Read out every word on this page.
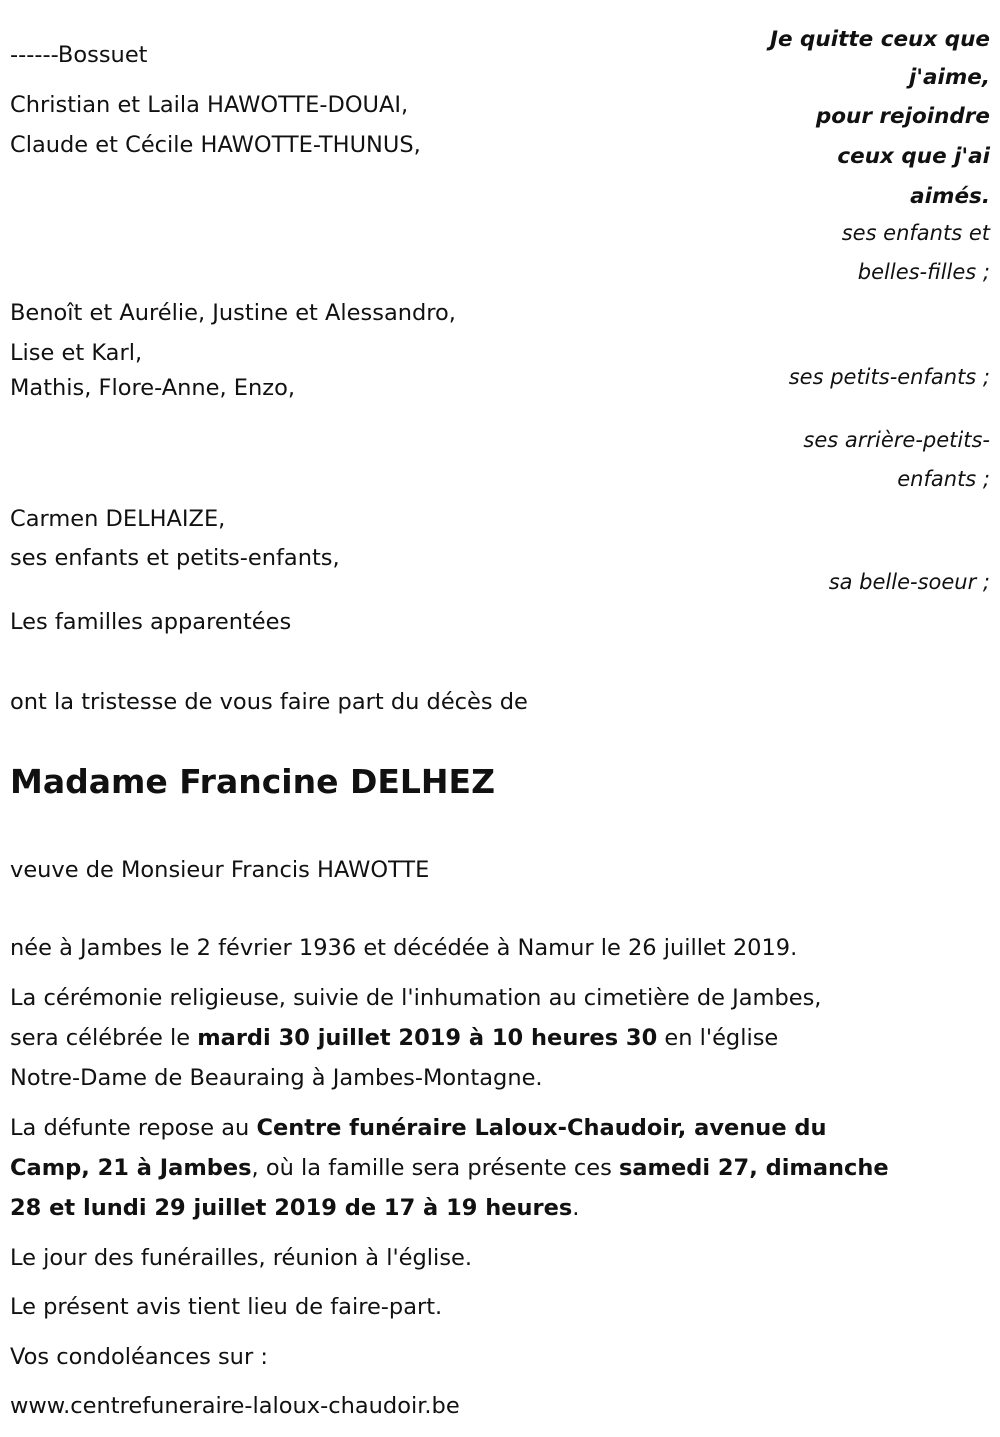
------Bossuet
Je quitte ceux que
j'aime,
pour rejoindre
ceux que j'ai
aimés.
Christian et Laila HAWOTTE-DOUAI,
Claude et Cécile HAWOTTE-THUNUS,
ses enfants et
belles-filles ;
Benoît et Aurélie, Justine et Alessandro,
Lise et Karl,
ses petits-enfants ;
Mathis, Flore-Anne, Enzo,
ses arrière-petits-
enfants ;
Carmen DELHAIZE,
ses enfants et petits-enfants,
sa belle-soeur ;
Les familles apparentées
ont la tristesse de vous faire part du décès de
Madame Francine DELHEZ
veuve de Monsieur Francis HAWOTTE
née à Jambes le 2 février 1936 et décédée à Namur le 26 juillet 2019.
La cérémonie religieuse, suivie de l'inhumation au cimetière de Jambes,
sera célébrée le mardi 30 juillet 2019 à 10 heures 30 en l'église
Notre-Dame de Beauraing à Jambes-Montagne.
La défunte repose au Centre funéraire Laloux-Chaudoir, avenue du
Camp, 21 à Jambes, où la famille sera présente ces samedi 27, dimanche
28 et lundi 29 juillet 2019 de 17 à 19 heures.
Le jour des funérailles, réunion à l'église.
Le présent avis tient lieu de faire-part.
Vos condoléances sur :
www.centrefuneraire-laloux-chaudoir.be
